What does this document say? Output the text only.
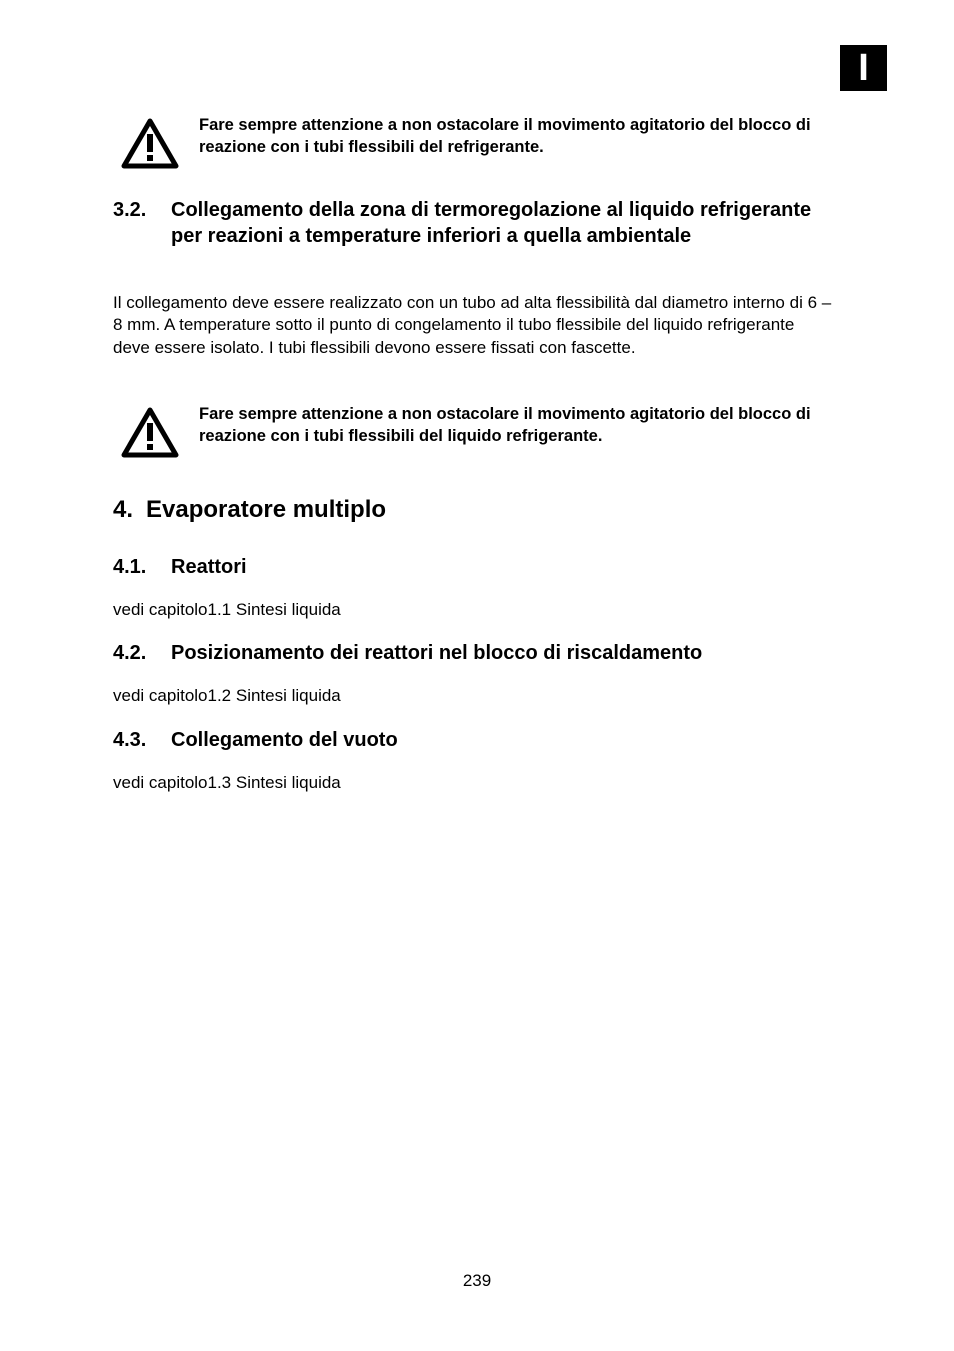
I
Fare sempre attenzione a non ostacolare il movimento agitatorio del blocco di reazione con i tubi flessibili del refrigerante.
3.2. Collegamento della zona di termoregolazione al liquido refrigerante per reazioni a temperature inferiori a quella ambientale
Il collegamento deve essere realizzato con un tubo ad alta flessibilità dal diametro interno di 6 – 8 mm. A temperature sotto il punto di congelamento il tubo flessibile del liquido refrigerante deve essere isolato. I tubi flessibili devono essere fissati con fascette.
Fare sempre attenzione a non ostacolare il movimento agitatorio del blocco di reazione con i tubi flessibili del liquido refrigerante.
4. Evaporatore multiplo
4.1. Reattori
vedi capitolo1.1 Sintesi liquida
4.2. Posizionamento dei reattori nel blocco di riscaldamento
vedi capitolo1.2 Sintesi liquida
4.3. Collegamento del vuoto
vedi capitolo1.3 Sintesi liquida
239
